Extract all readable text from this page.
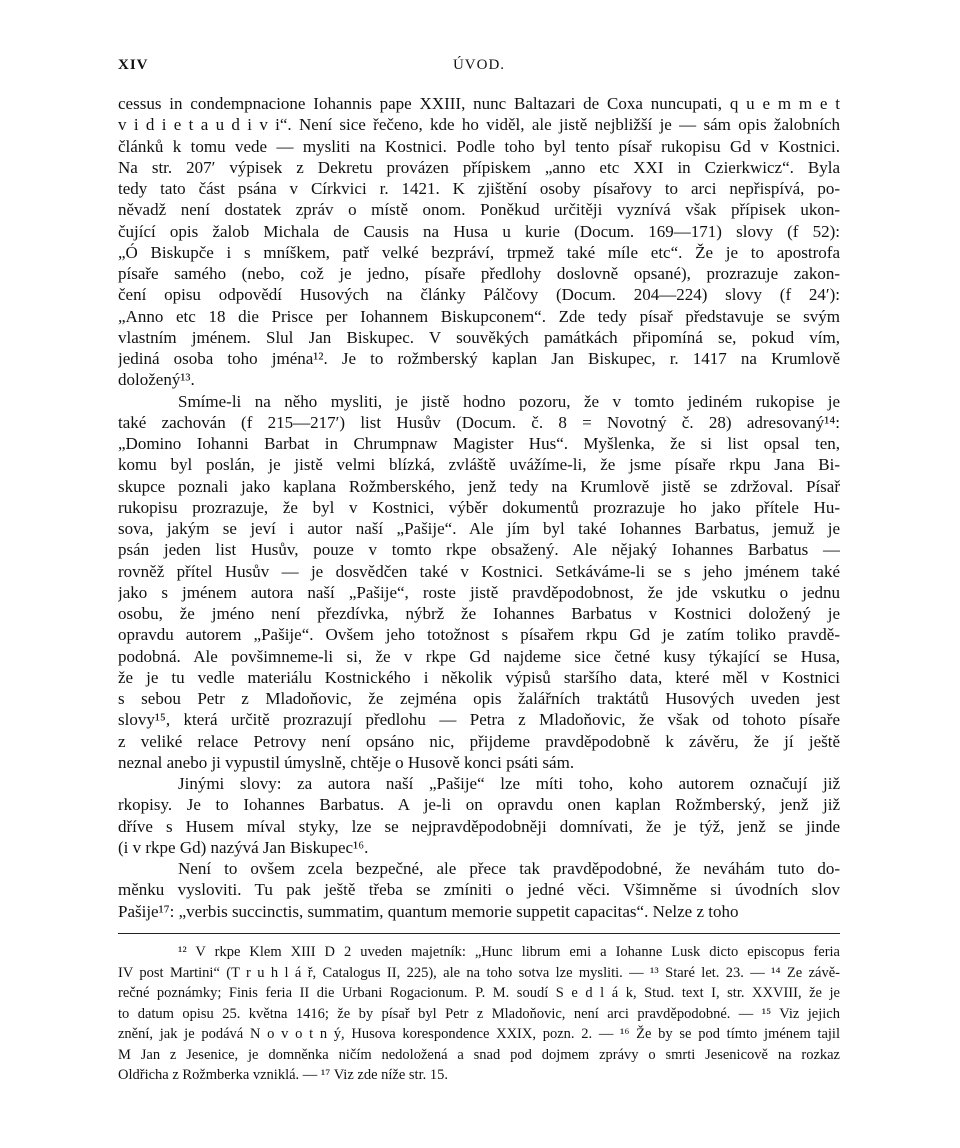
XIV	ÚVOD.
cessus in condempnacione Iohannis pape XXIII, nunc Baltazari de Coxa nuncupati, q u e m m e t
v i d i e t a u d i v i“. Není sice řečeno, kde ho viděl, ale jistě nejbližší je — sám opis žalobních
článků k tomu vede — mysliti na Kostnici. Podle toho byl tento písař rukopisu Gd v Kostnici.
Na str. 207′ výpisek z Dekretu provázen přípiskem „anno etc XXI in Czierkwicz“. Byla
tedy tato část psána v Církvici r. 1421. K zjištění osoby písařovy to arci nepřispívá, po-
něvadž není dostatek zpráv o místě onom. Poněkud určitěji vyznívá však přípisek ukon-
čující opis žalob Michala de Causis na Husa u kurie (Docum. 169—171) slovy (f 52):
„Ó Biskupče i s mníškem, patř velké bezpráví, trpmež také míle etc“. Že je to apostrofa
písaře samého (nebo, což je jedno, písaře předlohy doslovně opsané), prozrazuje zakon-
čení opisu odpovědí Husových na články Pálčovy (Docum. 204—224) slovy (f 24′):
„Anno etc 18 die Prisce per Iohannem Biskupconem“. Zde tedy písař představuje se svým
vlastním jménem. Slul Jan Biskupec. V souvěkých památkách připomíná se, pokud vím,
jediná osoba toho jména¹². Je to rožmberský kaplan Jan Biskupec, r. 1417 na Krumlově
doložený¹³.
Smíme-li na něho mysliti, je jistě hodno pozoru, že v tomto jediném rukopise je
také zachován (f 215—217′) list Husův (Docum. č. 8 = Novotný č. 28) adresovaný¹⁴:
„Domino Iohanni Barbat in Chrumpnaw Magister Hus“. Myšlenka, že si list opsal ten,
komu byl poslán, je jistě velmi blízká, zvláště uvážíme-li, že jsme písaře rkpu Jana Bi-
skupce poznali jako kaplana Rožmberského, jenž tedy na Krumlově jistě se zdržoval. Písař
rukopisu prozrazuje, že byl v Kostnici, výběr dokumentů prozrazuje ho jako přítele Hu-
sova, jakým se jeví i autor naší „Pašije“. Ale jím byl také Iohannes Barbatus, jemuž je
psán jeden list Husův, pouze v tomto rkpe obsažený. Ale nějaký Iohannes Barbatus —
rovněž přítel Husův — je dosvědčen také v Kostnici. Setkáváme-li se s jeho jménem také
jako s jménem autora naší „Pašije“, roste jistě pravděpodobnost, že jde vskutku o jednu
osobu, že jméno není přezdívka, nýbrž že Iohannes Barbatus v Kostnici doložený je
opravdu autorem „Pašije“. Ovšem jeho totožnost s písařem rkpu Gd je zatím toliko pravdě-
podobná. Ale povšimneme-li si, že v rkpe Gd najdeme sice četné kusy týkající se Husa,
že je tu vedle materiálu Kostnického i několik výpisů staršího data, které měl v Kostnici
s sebou Petr z Mladoňovic, že zejména opis žalářních traktátů Husových uveden jest
slovy¹⁵, která určitě prozrazují předlohu — Petra z Mladoňovic, že však od tohoto písaře
z veliké relace Petrovy není opsáno nic, přijdeme pravděpodobně k závěru, že jí ještě
neznal anebo ji vypustil úmyslně, chtěje o Husově konci psáti sám.
Jinými slovy: za autora naší „Pašije“ lze míti toho, koho autorem označují již
rkopisy. Je to Iohannes Barbatus. A je-li on opravdu onen kaplan Rožmberský, jenž již
dříve s Husem míval styky, lze se nejpravděpodobněji domnívati, že je týž, jenž se jinde
(i v rkpe Gd) nazývá Jan Biskupec¹⁶.
Není to ovšem zcela bezpečné, ale přece tak pravděpodobné, že neváhám tuto do-
měnku vysloviti. Tu pak ještě třeba se zmíniti o jedné věci. Všimněme si úvodních slov
Pašije¹⁷: „verbis succinctis, summatim, quantum memorie suppetit capacitas“. Nelze z toho
¹² V rkpe Klem XIII D 2 uveden majetník: „Hunc librum emi a Iohanne Lusk dicto episcopus feria
IV post Martini“ (T r u h l á ř, Catalogus II, 225), ale na toho sotva lze mysliti. — ¹³ Staré let. 23. — ¹⁴ Ze závě-
rečné poznámky; Finis feria II die Urbani Rogacionum. P. M. soudí S e d l á k, Stud. text I, str. XXVIII, že je
to datum opisu 25. května 1416; že by písař byl Petr z Mladoňovic, není arci pravděpodobné. — ¹⁵ Viz jejich
znění, jak je podává N o v o t n ý, Husova korespondence XXIX, pozn. 2. — ¹⁶ Že by se pod tímto jménem tajil
M Jan z Jesenice, je domněnka ničím nedoložená a snad pod dojmem zprávy o smrti Jesenicově na rozkaz
Oldřicha z Rožmberka vzniklá. — ¹⁷ Viz zde níže str. 15.
